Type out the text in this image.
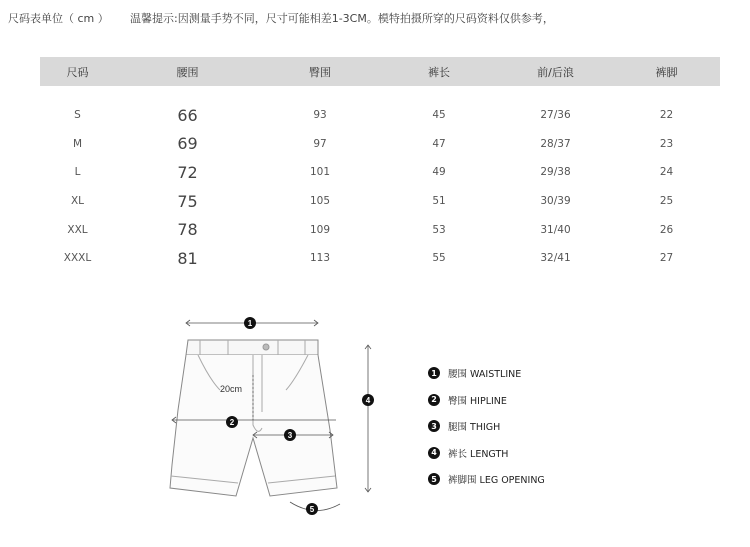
尺码表单位（ cm ） 温馨提示:因测量手势不同，尺寸可能相差1-3CM。模特拍摄所穿的尺码资料仅供参考，
尺码	腰围	臀围	裤长	前/后浪	裤脚
S	66	93	45	27/36	22
M	69	97	47	28/37	23
L	72	101	49	29/38	24
XL	75	105	51	30/39	25
XXL	78	109	53	31/40	26
XXXL	81	113	55	32/41	27
20cm
1
2
3
4
5
1	腰围 WAISTLINE
2	臀围 HIPLINE
3	腿围 THIGH
4	裤长 LENGTH
5	裤脚围 LEG OPENING
